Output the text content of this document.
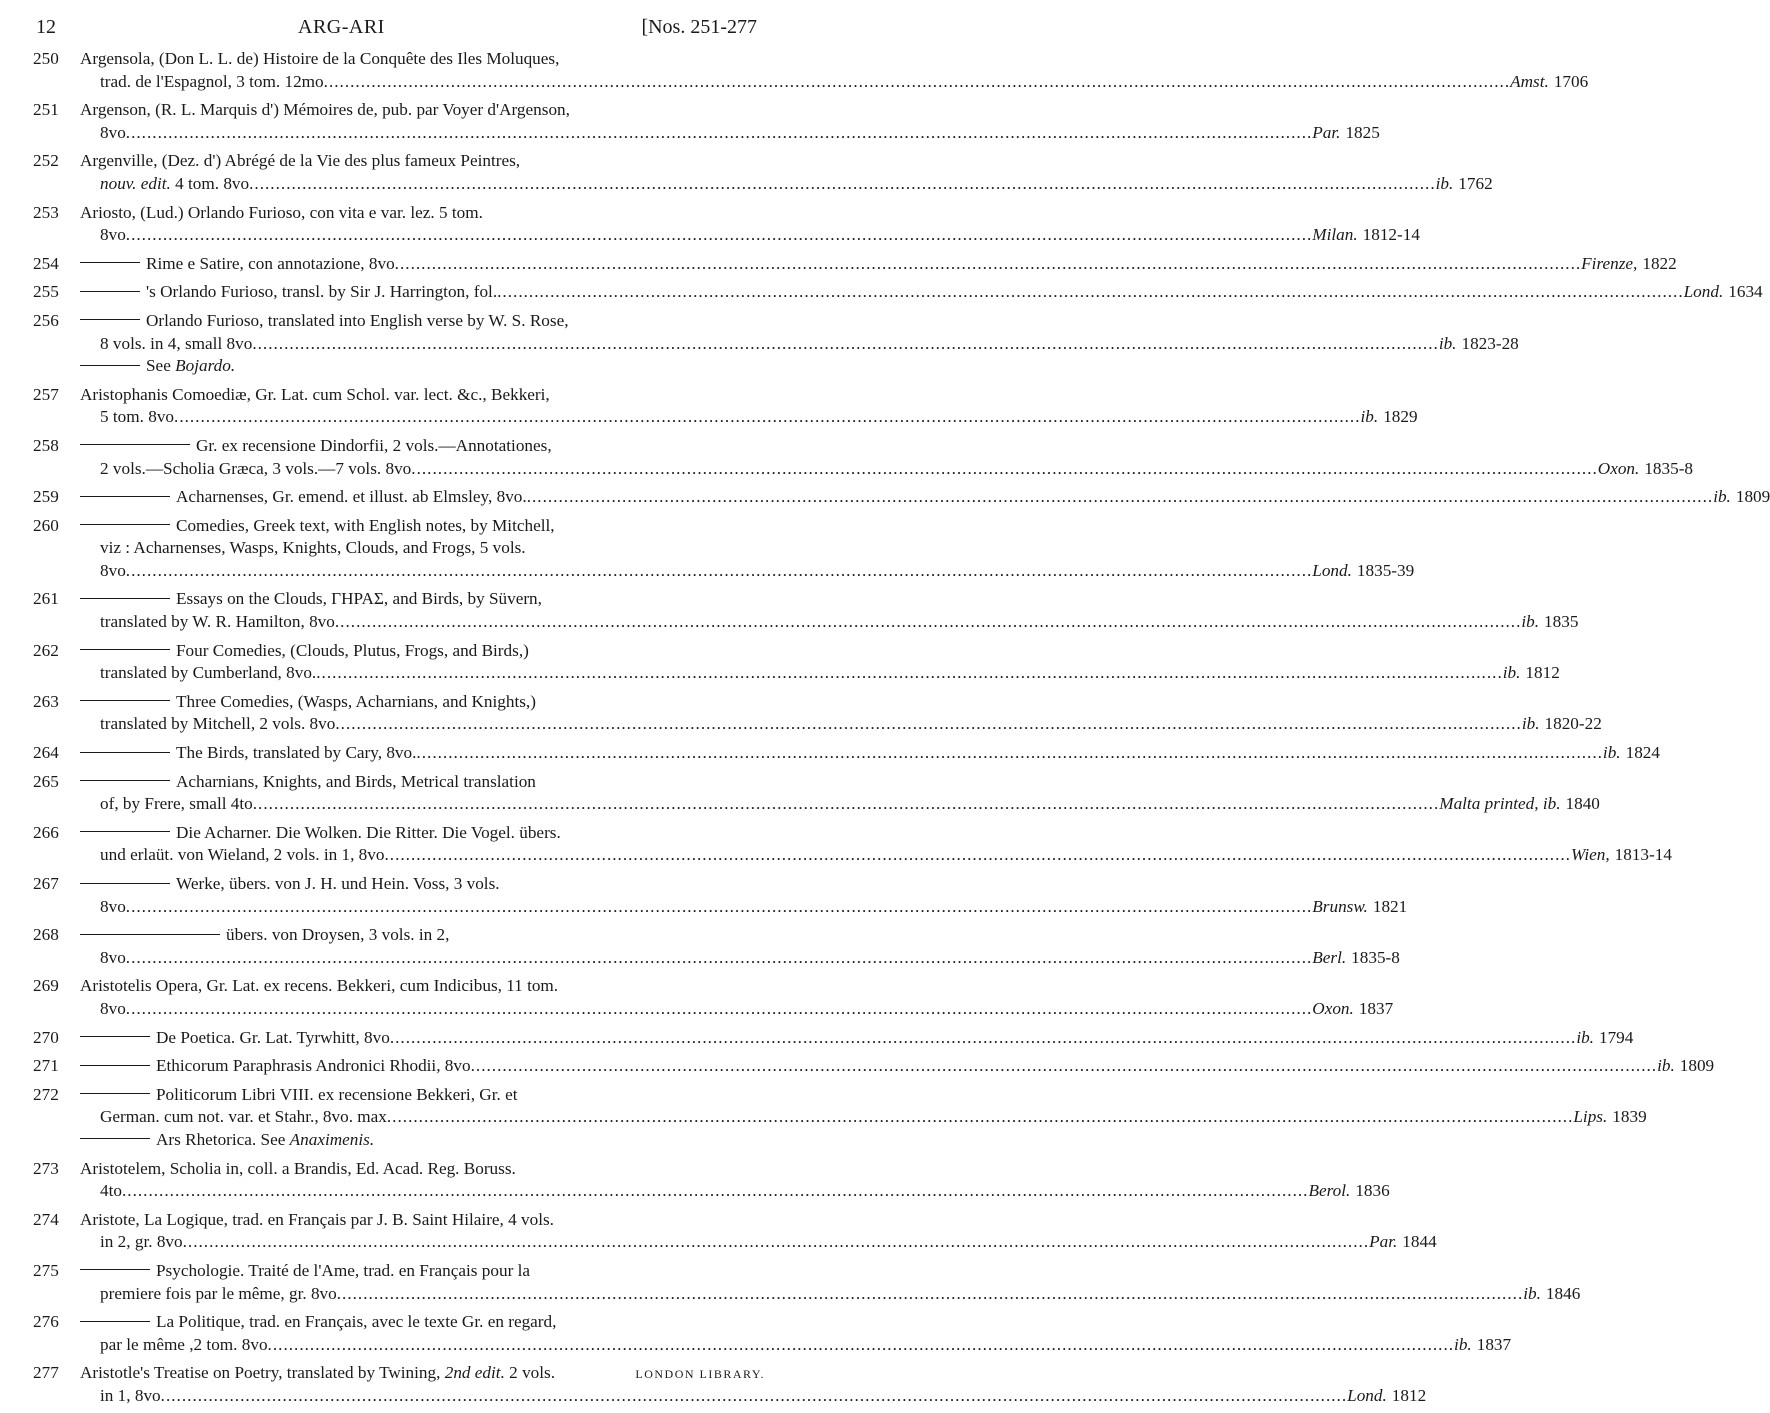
12	ARG-ARI	[Nos. 251-277
250	Argensola, (Don L. L. de) Histoire de la Conquête des Iles Moluques,
trad. de l'Espagnol, 3 tom. 12mo .....	Amst. 1706
251	Argenson, (R. L. Marquis d') Mémoires de, pub. par Voyer d'Argenson,
8vo .....	Par. 1825
252	Argenville, (Dez. d') Abrégé de la Vie des plus fameux Peintres,
nouv. edit. 4 tom. 8vo .....	ib. 1762
253	Ariosto, (Lud.) Orlando Furioso, con vita e var. lez. 5 tom.
8vo .....	Milan. 1812-14
254	Rime e Satire, con annotazione, 8vo .....	Firenze, 1822
255	's Orlando Furioso, transl. by Sir J. Harrington, fol. .....	Lond. 1634
256	Orlando Furioso, translated into English verse by W. S. Rose,
8 vols. in 4, small 8vo .....	ib. 1823-28
See Bojardo.
257	Aristophanis Comoediæ, Gr. Lat. cum Schol. var. lect. &c., Bekkeri,
5 tom. 8vo .....	ib. 1829
258	Gr. ex recensione Dindorfii, 2 vols.—Annotationes,
2 vols.—Scholia Græca, 3 vols.—7 vols. 8vo .....	Oxon. 1835-8
259	Acharnenses, Gr. emend. et illust. ab Elmsley, 8vo. .....	ib. 1809
260	Comedies, Greek text, with English notes, by Mitchell,
viz : Acharnenses, Wasps, Knights, Clouds, and Frogs, 5 vols.
8vo .....	Lond. 1835-39
261	Essays on the Clouds, ΓΗΡΑΣ, and Birds, by Süvern,
translated by W. R. Hamilton, 8vo .....	ib. 1835
262	Four Comedies, (Clouds, Plutus, Frogs, and Birds,)
translated by Cumberland, 8vo. .....	ib. 1812
263	Three Comedies, (Wasps, Acharnians, and Knights,)
translated by Mitchell, 2 vols. 8vo .....	ib. 1820-22
264	The Birds, translated by Cary, 8vo. .....	ib. 1824
265	Acharnians, Knights, and Birds, Metrical translation
of, by Frere, small 4to .....	Malta printed, ib. 1840
266	Die Acharner. Die Wolken. Die Ritter. Die Vogel. übers.
und erlaüt. von Wieland, 2 vols. in 1, 8vo .....	Wien, 1813-14
267	Werke, übers. von J. H. und Hein. Voss, 3 vols.
8vo .....	Brunsw. 1821
268	übers. von Droysen, 3 vols. in 2,
8vo .....	Berl. 1835-8
269	Aristotelis Opera, Gr. Lat. ex recens. Bekkeri, cum Indicibus, 11 tom.
8vo .....	Oxon. 1837
270	De Poetica. Gr. Lat. Tyrwhitt, 8vo .....	ib. 1794
271	Ethicorum Paraphrasis Andronici Rhodii, 8vo .....	ib. 1809
272	Politicorum Libri VIII. ex recensione Bekkeri, Gr. et
German. cum not. var. et Stahr., 8vo. max .....	Lips. 1839
Ars Rhetorica. See Anaximenis.
273	Aristotelem, Scholia in, coll. a Brandis, Ed. Acad. Reg. Boruss.
4to .....	Berol. 1836
274	Aristote, La Logique, trad. en Français par J. B. Saint Hilaire, 4 vols.
in 2, gr. 8vo .....	Par. 1844
275	Psychologie. Traité de l'Ame, trad. en Français pour la
premiere fois par le même, gr. 8vo .....	ib. 1846
276	La Politique, trad. en Français, avec le texte Gr. en regard,
par le même ,2 tom. 8vo .....	ib. 1837
277	Aristotle's Treatise on Poetry, translated by Twining, 2nd edit. 2 vols.
in 1, 8vo .....	Lond. 1812
LONDON LIBRARY.
